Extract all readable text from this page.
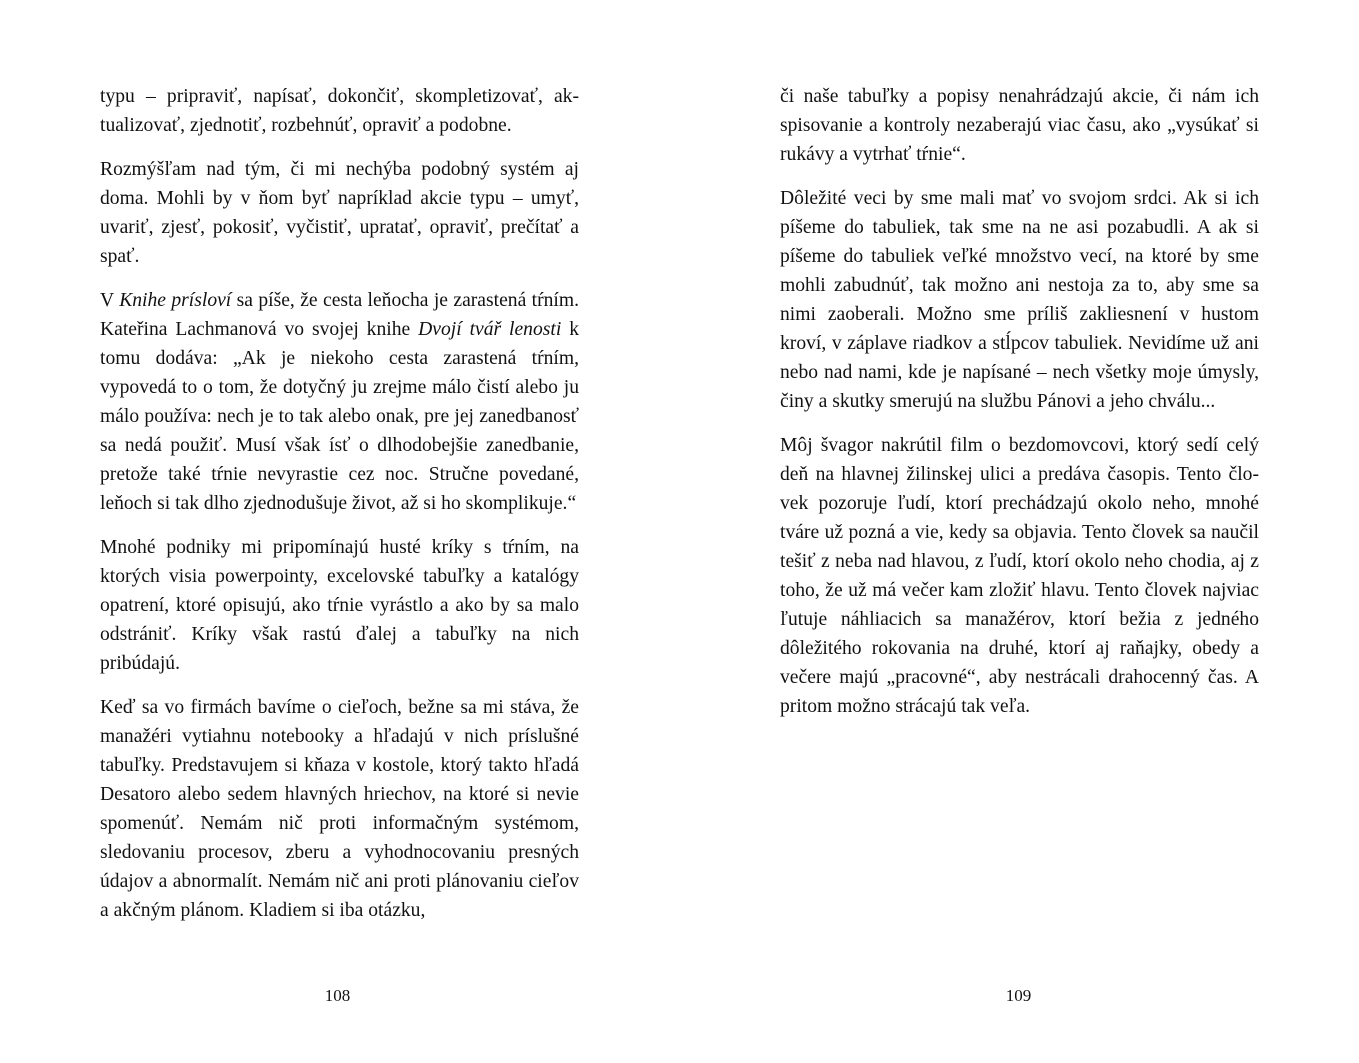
typu – pripraviť, napísať, dokončiť, skompletizovať, aktualizovať, zjednotiť, rozbehnúť, opraviť a podobne.

Rozmýšľam nad tým, či mi nechýba podobný systém aj doma. Mohli by v ňom byť napríklad akcie typu – umyť, uvariť, zjesť, pokosiť, vyčistiť, upratať, opraviť, prečítať a spať.

V Knihe prísloví sa píše, že cesta leňocha je zarastená tŕním. Kateřina Lachmanová vo svojej knihe Dvojí tvář lenosti k tomu dodáva: „Ak je niekoho cesta zarastená tŕním, vypovedá to o tom, že dotyčný ju zrejme málo čistí alebo ju málo používa: nech je to tak alebo onak, pre jej zanedbanosť sa nedá použiť. Musí však ísť o dlhodobejšie zanedbanie, pretože také tŕnie nevyrastie cez noc. Stručne povedané, leňoch si tak dlho zjednodušuje život, až si ho skomplikuje.“

Mnohé podniky mi pripomínajú husté kríky s tŕním, na ktorých visia powerpointy, excelovské tabuľky a katalógy opatrení, ktoré opisujú, ako tŕnie vyrástlo a ako by sa malo odstrániť. Kríky však rastú ďalej a tabuľky na nich pribúdajú.

Keď sa vo firmách bavíme o cieľoch, bežne sa mi stáva, že manažéri vytiahnu notebooky a hľadajú v nich príslušné tabuľky. Predstavujem si kňaza v kostole, ktorý takto hľadá Desatoro alebo sedem hlavných hriechov, na ktoré si nevie spomenúť. Nemám nič proti informačným systémom, sledovaniu procesov, zberu a vyhodnocovaniu presných údajov a abnormalít. Nemám nič ani proti plánovaniu cieľov a akčným plánom. Kladiem si iba otázku,

108

či naše tabuľky a popisy nenahrádzajú akcie, či nám ich spisovanie a kontroly nezaberajú viac času, ako „vysúkať si rukávy a vytrhať tŕnie“.

Dôležité veci by sme mali mať vo svojom srdci. Ak si ich píšeme do tabuliek, tak sme na ne asi pozabudli. A ak si píšeme do tabuliek veľké množstvo vecí, na ktoré by sme mohli zabudnúť, tak možno ani nestoja za to, aby sme sa nimi zaoberali. Možno sme príliš zakliesnení v hustom kroví, v záplave riadkov a stĺpcov tabuliek. Nevidíme už ani nebo nad nami, kde je napísané – nech všetky moje úmysly, činy a skutky smerujú na službu Pánovi a jeho chválu...

Môj švagor nakrútil film o bezdomovcovi, ktorý sedí celý deň na hlavnej žilinskej ulici a predáva časopis. Tento človek pozoruje ľudí, ktorí prechádzajú okolo neho, mnohé tváre už pozná a vie, kedy sa objavia. Tento človek sa naučil tešiť z neba nad hlavou, z ľudí, ktorí okolo neho chodia, aj z toho, že už má večer kam zložiť hlavu. Tento človek najviac ľutuje náhliacich sa manažérov, ktorí bežia z jedného dôležitého rokovania na druhé, ktorí aj raňajky, obedy a večere majú „pracovné“, aby nestrácali drahocenný čas. A pritom možno strácajú tak veľa.

109
